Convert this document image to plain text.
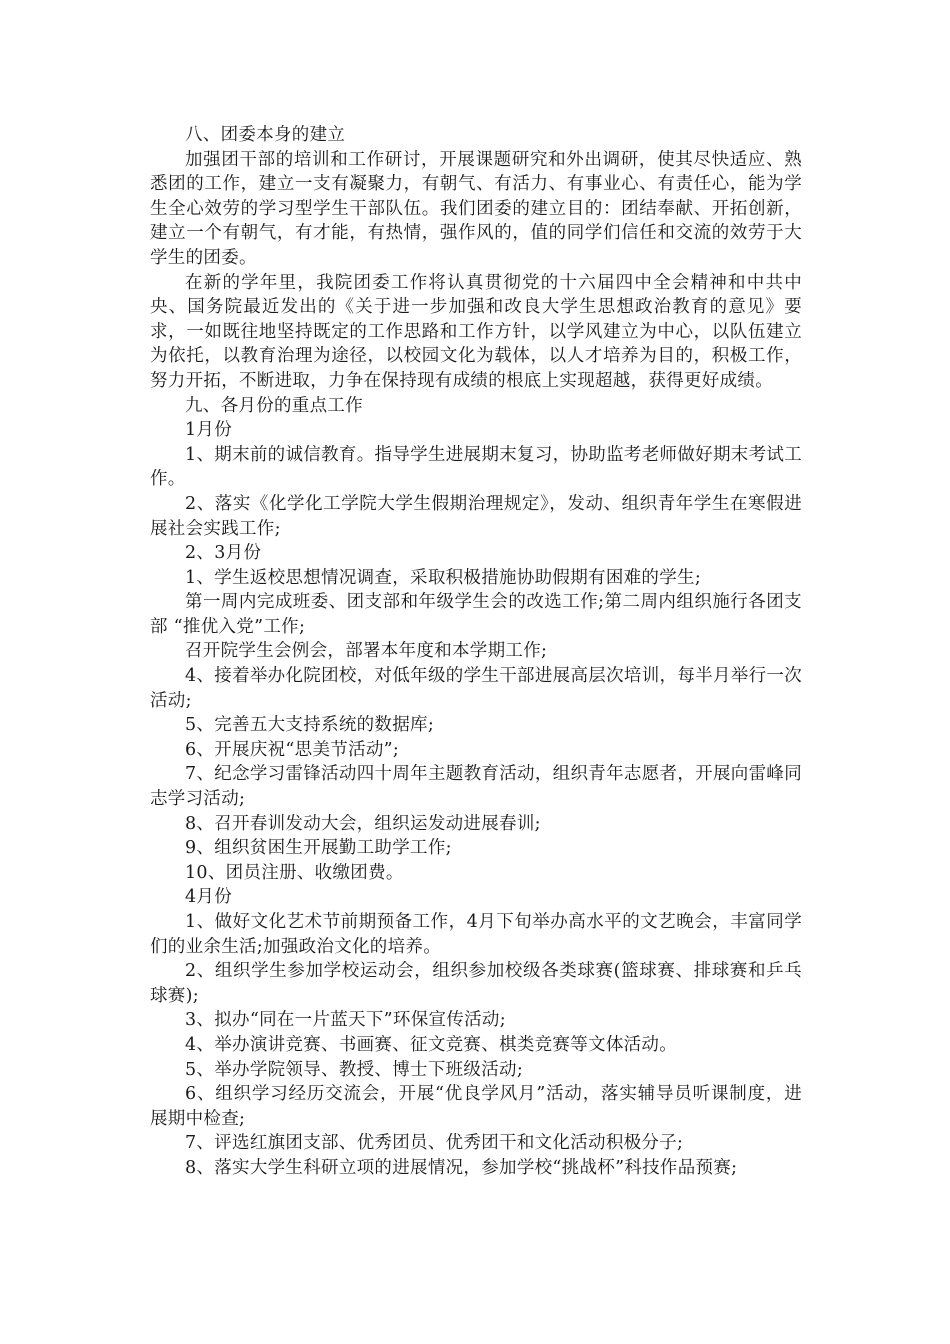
八、团委本身的建立

加强团干部的培训和工作研讨，开展课题研究和外出调研，使其尽快适应、熟悉团的工作，建立一支有凝聚力，有朝气、有活力、有事业心、有责任心，能为学生全心效劳的学习型学生干部队伍。我们团委的建立目的：团结奉献、开拓创新，建立一个有朝气，有才能，有热情，强作风的，值的同学们信任和交流的效劳于大学生的团委。

在新的学年里，我院团委工作将认真贯彻党的十六届四中全会精神和中共中央、国务院最近发出的《关于进一步加强和改良大学生思想政治教育的意见》要求，一如既往地坚持既定的工作思路和工作方针，以学风建立为中心，以队伍建立为依托，以教育治理为途径，以校园文化为载体，以人才培养为目的，积极工作，努力开拓，不断进取，力争在保持现有成绩的根底上实现超越，获得更好成绩。

九、各月份的重点工作

1月份

1、期末前的诚信教育。指导学生进展期末复习，协助监考老师做好期末考试工作。

2、落实《化学化工学院大学生假期治理规定》，发动、组织青年学生在寒假进展社会实践工作;

2、3月份

1、学生返校思想情况调查，采取积极措施协助假期有困难的学生;

第一周内完成班委、团支部和年级学生会的改选工作;第二周内组织施行各团支部 “推优入党”工作;

召开院学生会例会，部署本年度和本学期工作;

4、接着举办化院团校，对低年级的学生干部进展高层次培训，每半月举行一次活动;

5、完善五大支持系统的数据库;

6、开展庆祝“思美节活动”;

7、纪念学习雷锋活动四十周年主题教育活动，组织青年志愿者，开展向雷峰同志学习活动;

8、召开春训发动大会，组织运发动进展春训;

9、组织贫困生开展勤工助学工作;

10、团员注册、收缴团费。

4月份

1、做好文化艺术节前期预备工作，4月下旬举办高水平的文艺晚会，丰富同学们的业余生活;加强政治文化的培养。

2、组织学生参加学校运动会，组织参加校级各类球赛(篮球赛、排球赛和乒乓球赛);

3、拟办“同在一片蓝天下”环保宣传活动;

4、举办演讲竞赛、书画赛、征文竞赛、棋类竞赛等文体活动。

5、举办学院领导、教授、博士下班级活动;

6、组织学习经历交流会，开展“优良学风月”活动，落实辅导员听课制度，进展期中检查;

7、评选红旗团支部、优秀团员、优秀团干和文化活动积极分子;

8、落实大学生科研立项的进展情况，参加学校“挑战杯”科技作品预赛;
